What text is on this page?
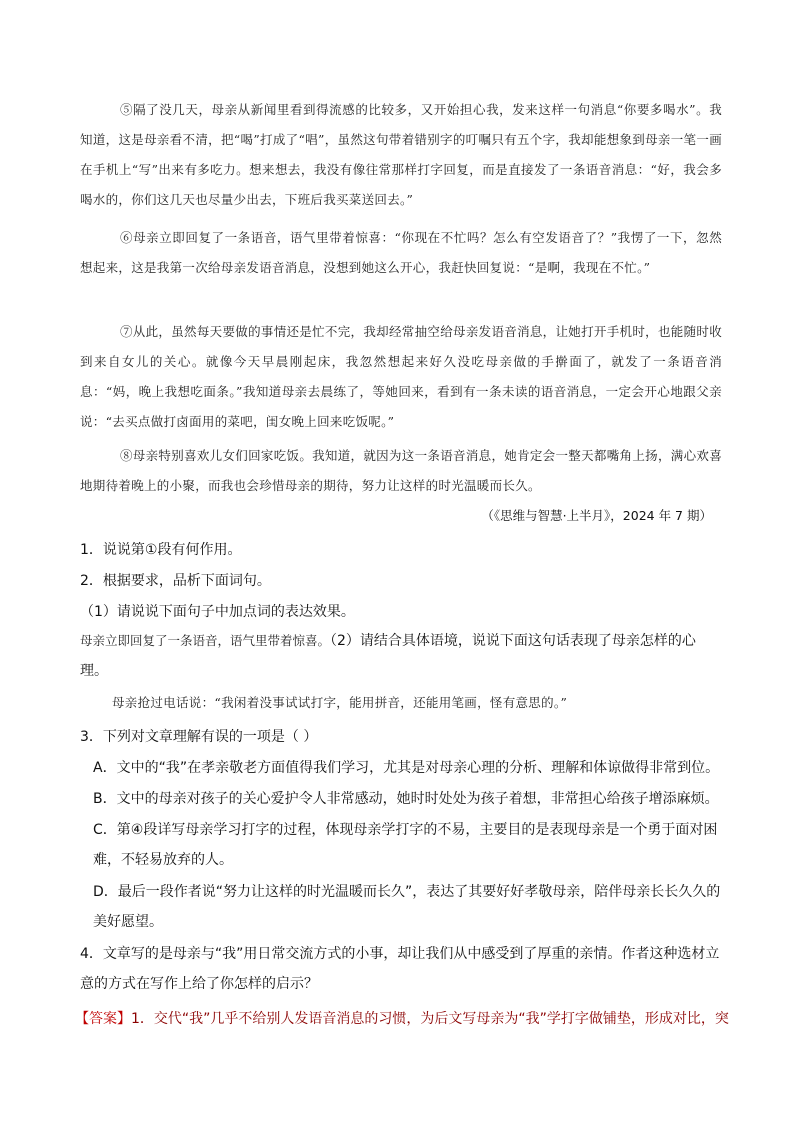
⑤隔了没几天，母亲从新闻里看到得流感的比较多，又开始担心我，发来这样一句消息“你要多喝水”。我知道，这是母亲看不清，把“喝”打成了“唱”，虽然这句带着错别字的叮嘱只有五个字，我却能想象到母亲一笔一画在手机上“写”出来有多吃力。想来想去，我没有像往常那样打字回复，而是直接发了一条语音消息：“好，我会多喝水的，你们这几天也尽量少出去，下班后我买菜送回去。”

⑥母亲立即回复了一条语音，语气里带着惊喜：“你现在不忙吗？怎么有空发语音了？”我愣了一下，忽然想起来，这是我第一次给母亲发语音消息，没想到她这么开心，我赶快回复说：“是啊，我现在不忙。”

⑦从此，虽然每天要做的事情还是忙不完，我却经常抽空给母亲发语音消息，让她打开手机时，也能随时收到来自女儿的关心。就像今天早晨刚起床，我忽然想起来好久没吃母亲做的手擀面了，就发了一条语音消息：“妈，晚上我想吃面条。”我知道母亲去晨练了，等她回来，看到有一条未读的语音消息，一定会开心地跟父亲说：“去买点做打卤面用的菜吧，闺女晚上回来吃饭呢。”

⑧母亲特别喜欢儿女们回家吃饭。我知道，就因为这一条语音消息，她肯定会一整天都嘴角上扬，满心欢喜地期待着晚上的小聚，而我也会珍惜母亲的期待，努力让这样的时光温暖而长久。

（《思维与智慧·上半月》，2024 年 7 期）

1．说说第①段有何作用。

2．根据要求，品析下面词句。

（1）请说说下面句子中加点词的表达效果。

母亲立即回复了一条语音，语气里带着惊喜。（2）请结合具体语境，说说下面这句话表现了母亲怎样的心理。

母亲抢过电话说：“我闲着没事试试打字，能用拼音，还能用笔画，怪有意思的。”

3．下列对文章理解有误的一项是（ ）

A．文中的“我”在孝亲敬老方面值得我们学习，尤其是对母亲心理的分析、理解和体谅做得非常到位。

B．文中的母亲对孩子的关心爱护令人非常感动，她时时处处为孩子着想，非常担心给孩子增添麻烦。

C．第④段详写母亲学习打字的过程，体现母亲学打字的不易，主要目的是表现母亲是一个勇于面对困难，不轻易放弃的人。

D．最后一段作者说“努力让这样的时光温暖而长久”，表达了其要好好孝敬母亲，陪伴母亲长长久久的美好愿望。

4．文章写的是母亲与“我”用日常交流方式的小事，却让我们从中感受到了厚重的亲情。作者这种选材立意的方式在写作上给了你怎样的启示？

【答案】1．交代“我”几乎不给别人发语音消息的习惯，为后文写母亲为“我”学打字做铺垫，形成对比，突
